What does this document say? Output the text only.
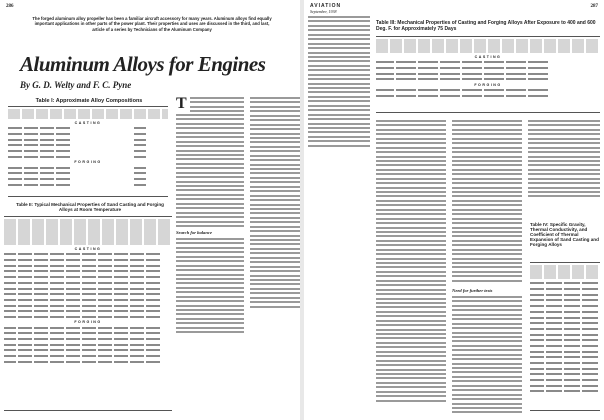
286
The forged aluminum alloy propeller has been a familiar aircraft accessory for many years. Aluminum alloys find equally important applications in other parts of the power plant. Their properties and uses are discussed in the third, and last, article of a series by Technicians of the Aluminum Company
Aluminum Alloys for Engines
By G. D. Welty and F. C. Pyne
Table I: Approximate Alloy Compositions
CASTING
FORGING
T
Search for balance
Table II: Typical Mechanical Properties of Sand Casting and Forging Alloys at Room Temperature
CASTING
FORGING
AVIATION
September, 1938
287
Table III: Mechanical Properties of Casting and Forging Alloys After Exposure to 400 and 600 Deg. F. for Approximately 75 Days
CASTING
FORGING
Need for further tests
Table IV: Specific Gravity, Thermal Conductivity, and Coefficient of Thermal Expansion of Sand Casting and Forging Alloys
